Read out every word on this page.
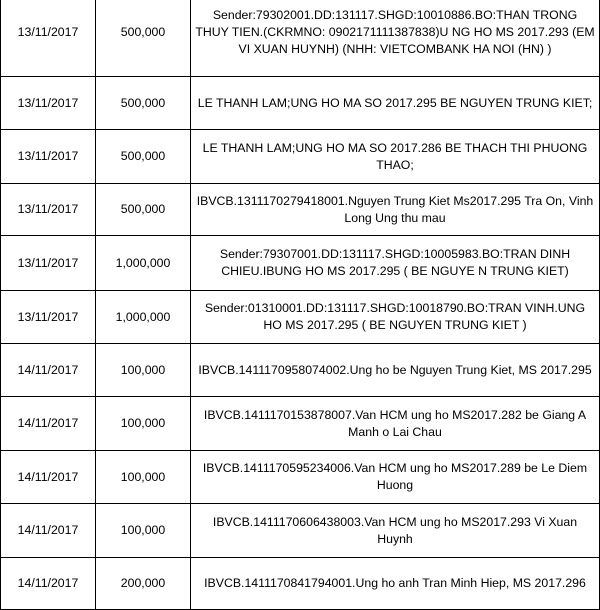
13/11/2017	500,000	Sender:79302001.DD:131117.SHGD:10010886.BO:THAN TRONG THUY TIEN.(CKRMNO: 0902171111387838)U NG HO MS 2017.293 (EM VI XUAN HUYNH) (NHH: VIETCOMBANK HA NOI (HN) )
13/11/2017	500,000	LE THANH LAM;UNG HO MA SO 2017.295 BE NGUYEN TRUNG KIET;
13/11/2017	500,000	LE THANH LAM;UNG HO MA SO 2017.286 BE THACH THI PHUONG THAO;
13/11/2017	500,000	IBVCB.1311170279418001.Nguyen Trung Kiet Ms2017.295 Tra On, Vinh Long Ung thu mau
13/11/2017	1,000,000	Sender:79307001.DD:131117.SHGD:10005983.BO:TRAN DINH CHIEU.IBUNG HO MS 2017.295 ( BE NGUYE N TRUNG KIET)
13/11/2017	1,000,000	Sender:01310001.DD:131117.SHGD:10018790.BO:TRAN VINH.UNG HO MS 2017.295 ( BE NGUYEN TRUNG KIET )
14/11/2017	100,000	IBVCB.1411170958074002.Ung ho be Nguyen Trung Kiet, MS 2017.295
14/11/2017	100,000	IBVCB.1411170153878007.Van HCM ung ho MS2017.282 be Giang A Manh o Lai Chau
14/11/2017	100,000	IBVCB.1411170595234006.Van HCM ung ho MS2017.289 be Le Diem Huong
14/11/2017	100,000	IBVCB.1411170606438003.Van HCM ung ho MS2017.293 Vi Xuan Huynh
14/11/2017	200,000	IBVCB.1411170841794001.Ung ho anh Tran Minh Hiep, MS 2017.296
